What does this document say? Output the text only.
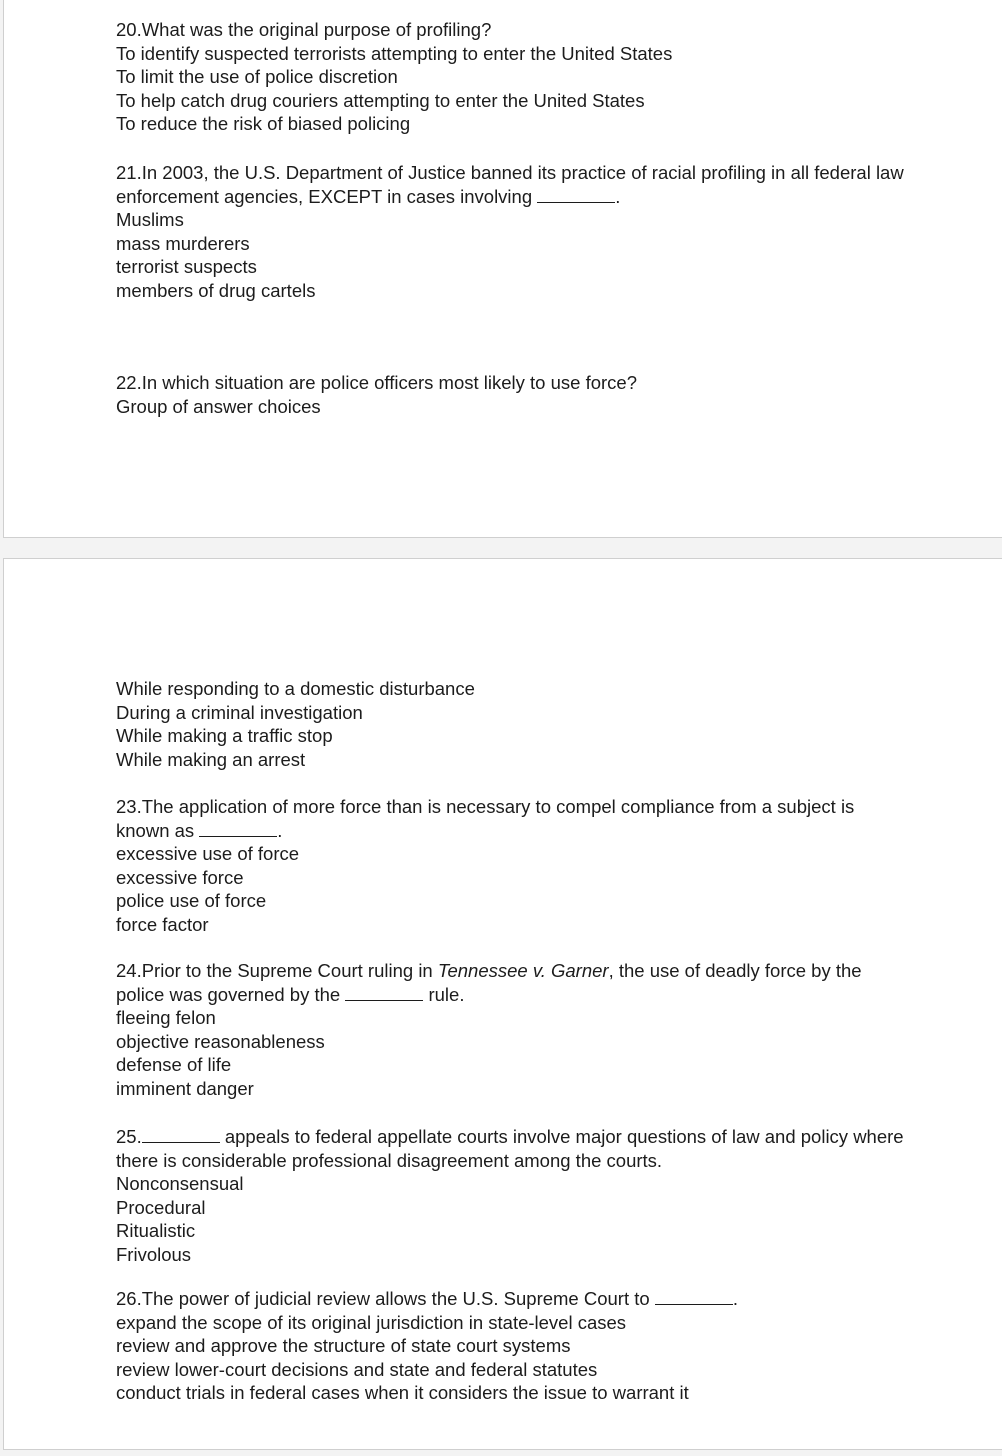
20.What was the original purpose of profiling?

To identify suspected terrorists attempting to enter the United States
To limit the use of police discretion
To help catch drug couriers attempting to enter the United States
To reduce the risk of biased policing

21.In 2003, the U.S. Department of Justice banned its practice of racial profiling in all federal law enforcement agencies, EXCEPT in cases involving	.

Muslims
mass murderers
terrorist suspects
members of drug cartels

22.In which situation are police officers most likely to use force?

Group of answer choices

While responding to a domestic disturbance
During a criminal investigation
While making a traffic stop
While making an arrest

23.The application of more force than is necessary to compel compliance from a subject is known as	.

excessive use of force
excessive force
police use of force
force factor

24.Prior to the Supreme Court ruling in Tennessee v. Garner, the use of deadly force by the police was governed by the	rule.

fleeing felon
objective reasonableness
defense of life
imminent danger

25.	appeals to federal appellate courts involve major questions of law and policy where there is considerable professional disagreement among the courts.

Nonconsensual
Procedural
Ritualistic
Frivolous

26.The power of judicial review allows the U.S. Supreme Court to	.

expand the scope of its original jurisdiction in state-level cases
review and approve the structure of state court systems
review lower-court decisions and state and federal statutes
conduct trials in federal cases when it considers the issue to warrant it
